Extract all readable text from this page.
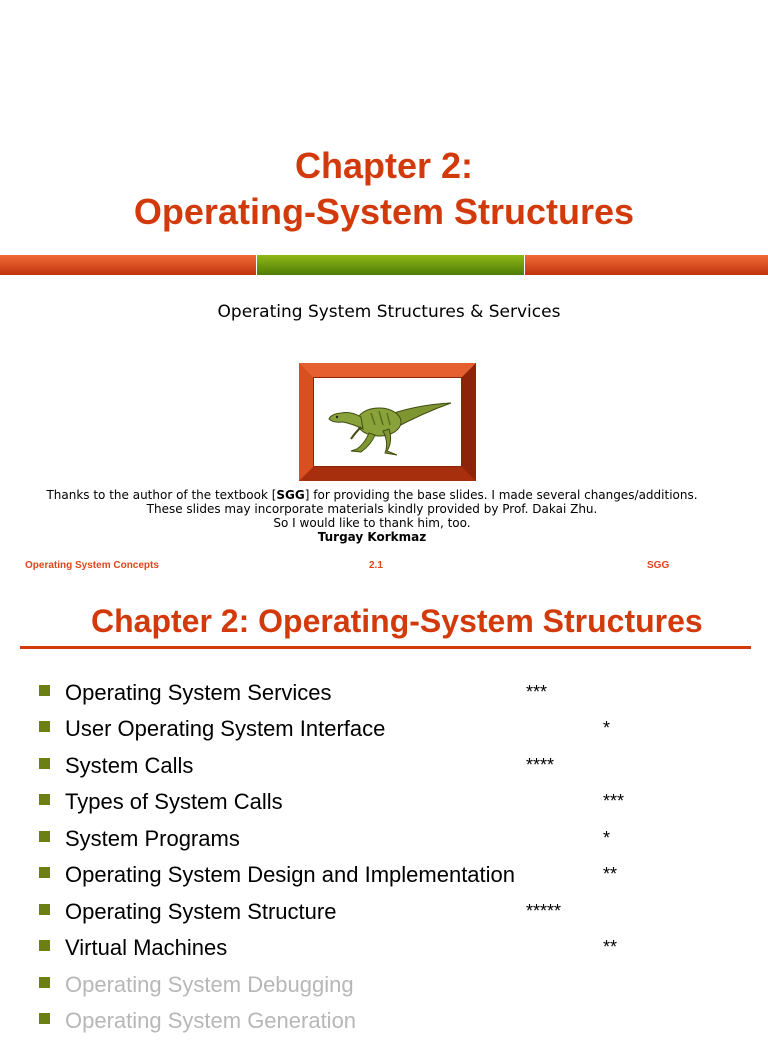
Chapter 2:
Operating-System Structures
Operating System Structures & Services
Thanks to the author of the textbook [SGG] for providing the base slides. I made several changes/additions.
These slides may incorporate materials kindly provided by Prof. Dakai Zhu.
So I would like to thank him, too.
Turgay Korkmaz
Operating System Concepts	2.1	SGG
Chapter 2: Operating-System Structures
Operating System Services	***
User Operating System Interface	*
System Calls	****
Types of System Calls	***
System Programs	*
Operating System Design and Implementation	**
Operating System Structure	*****
Virtual Machines	**
Operating System Debugging
Operating System Generation
